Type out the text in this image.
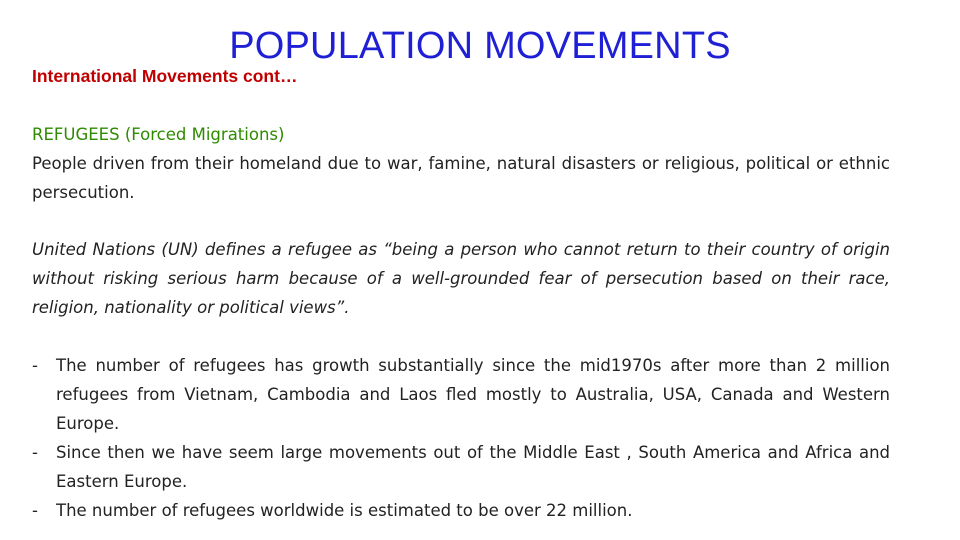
POPULATION MOVEMENTS
International Movements cont…
REFUGEES (Forced Migrations)
People driven from their homeland due to war, famine, natural disasters or religious, political or ethnic persecution.
United Nations (UN) defines a refugee as “being a person who cannot return to their country of origin without risking serious harm because of a well-grounded fear of persecution based on their race, religion, nationality or political views”.
- The number of refugees has growth substantially since the mid1970s after more than 2 million refugees from Vietnam, Cambodia and Laos fled mostly to Australia, USA, Canada and Western Europe.
- Since then we have seem large movements out of the Middle East , South America and Africa and Eastern Europe.
- The number of refugees worldwide is estimated to be over 22 million.
